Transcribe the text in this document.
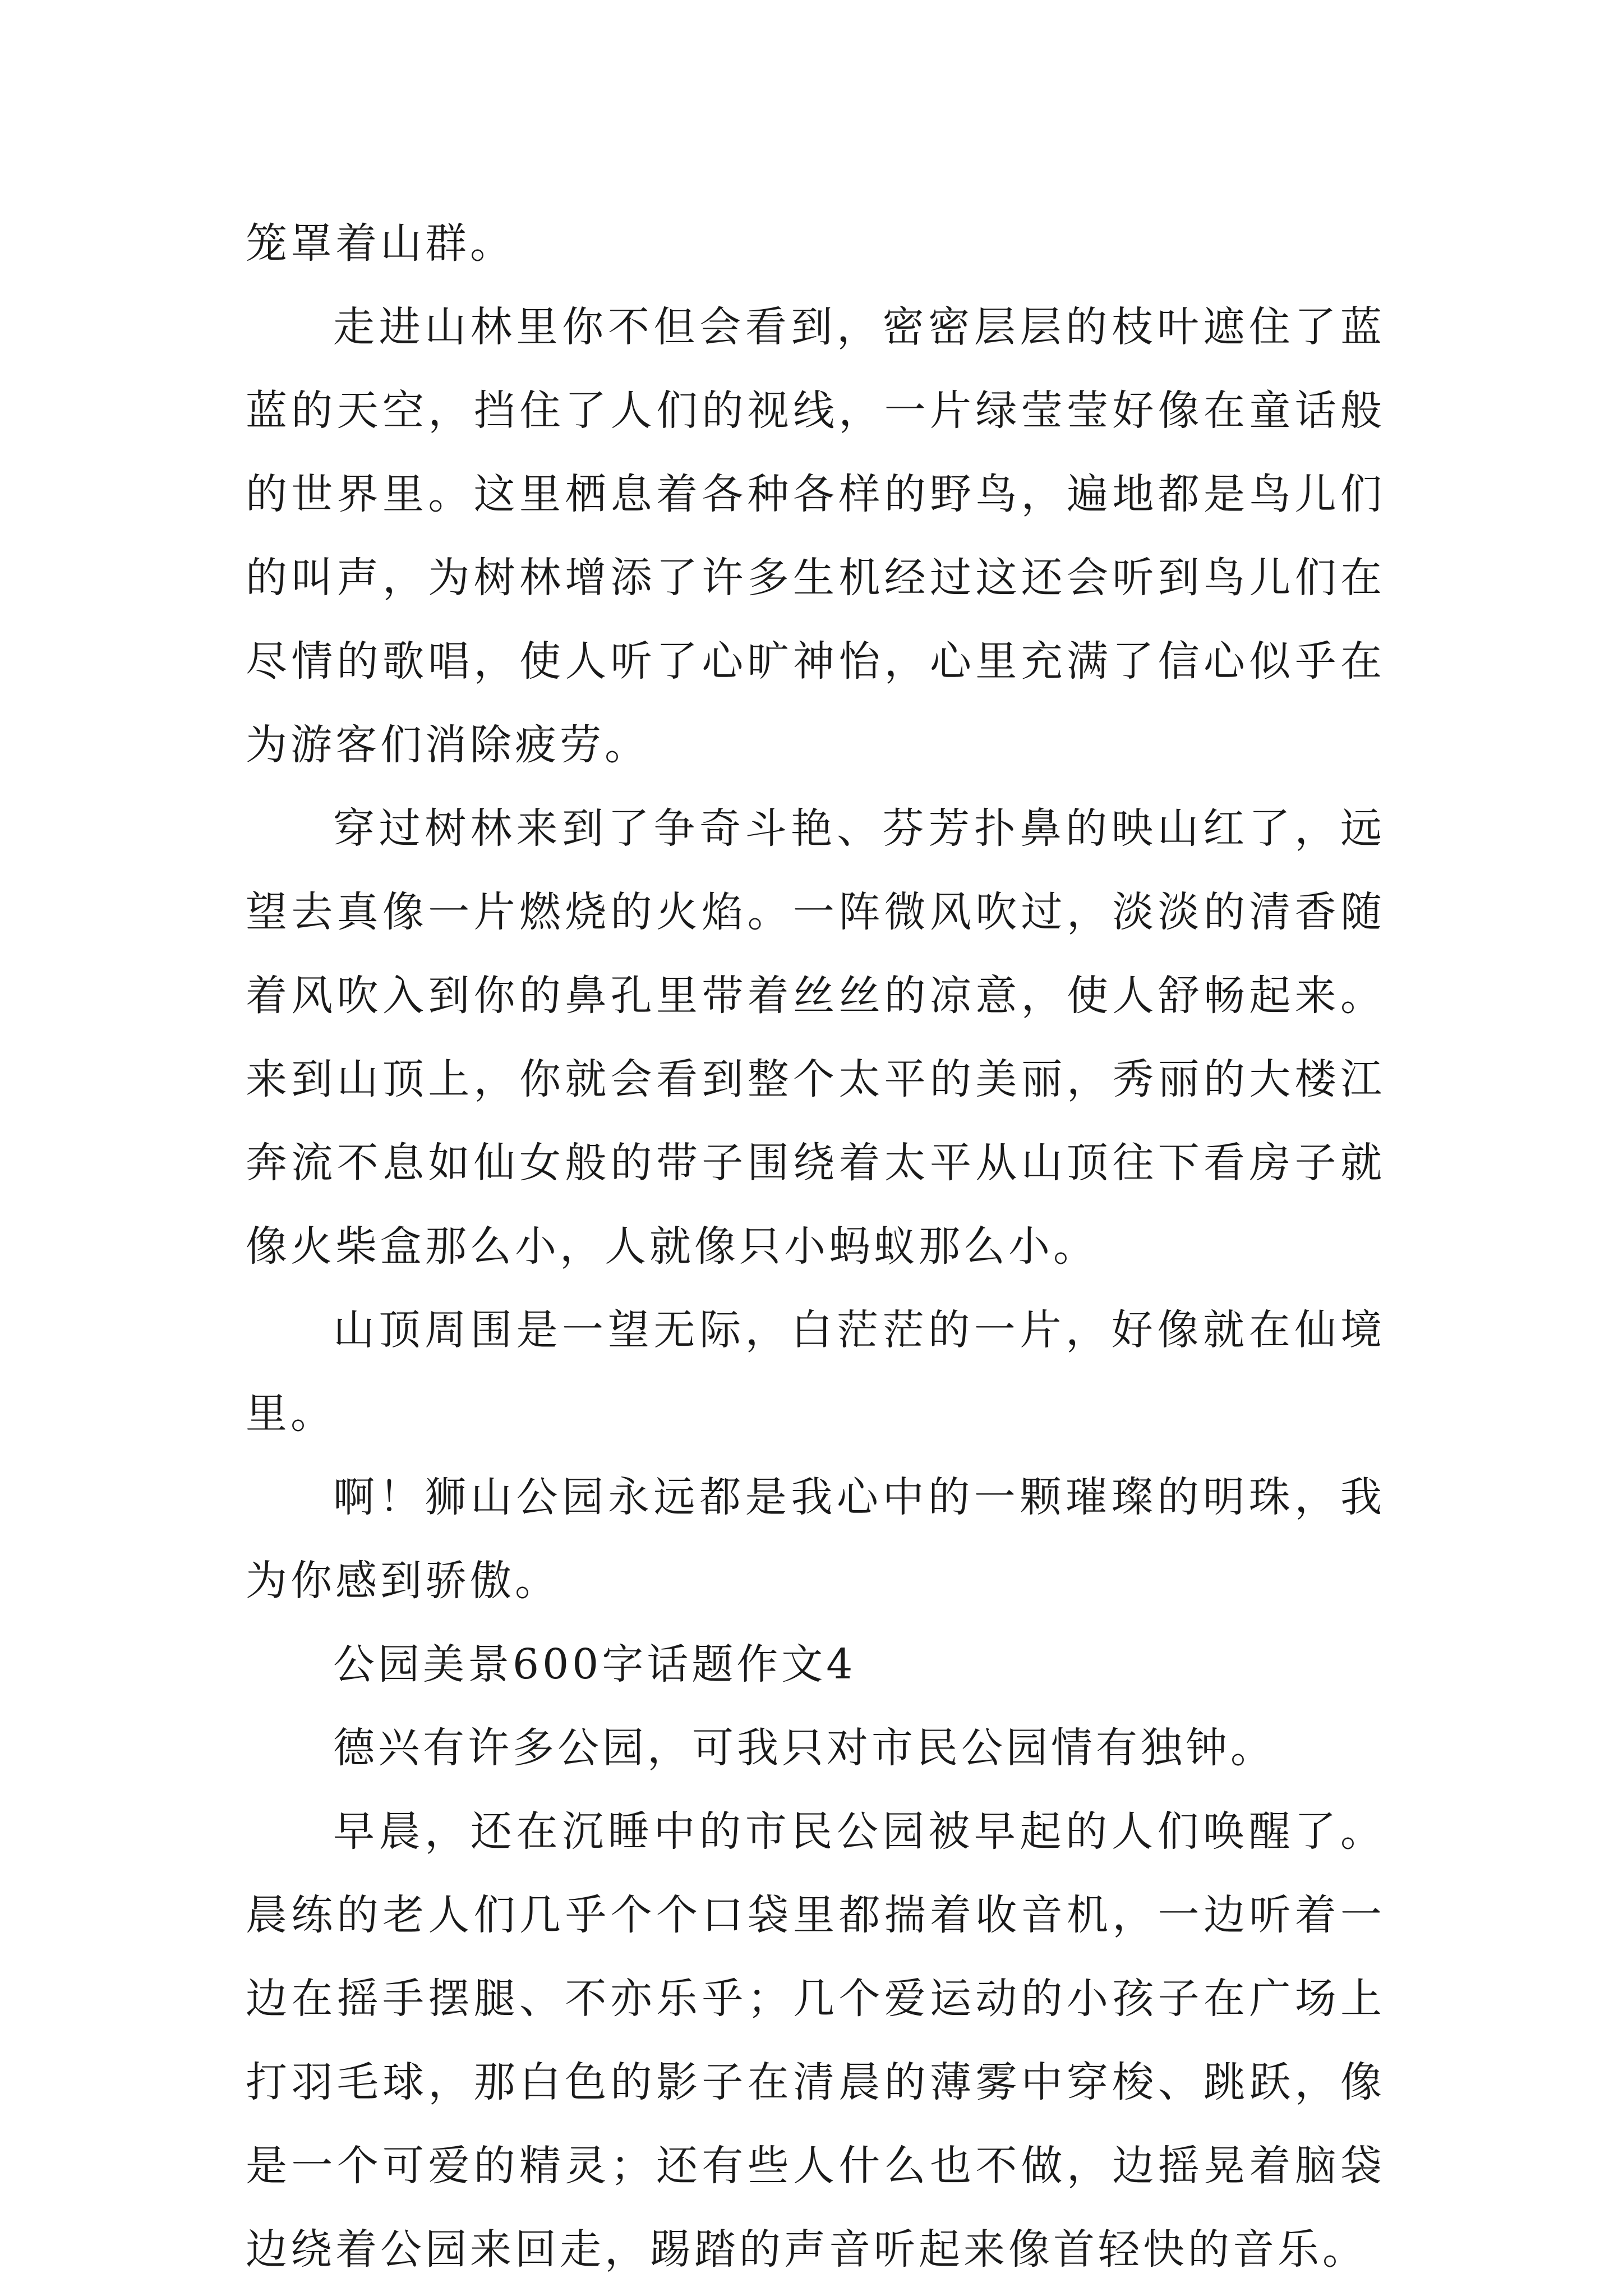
笼罩着山群。

走进山林里你不但会看到，密密层层的枝叶遮住了蓝蓝的天空，挡住了人们的视线，一片绿莹莹好像在童话般的世界里。这里栖息着各种各样的野鸟，遍地都是鸟儿们的叫声，为树林增添了许多生机经过这还会听到鸟儿们在尽情的歌唱，使人听了心旷神怡，心里充满了信心似乎在为游客们消除疲劳。

穿过树林来到了争奇斗艳、芬芳扑鼻的映山红了，远望去真像一片燃烧的火焰。一阵微风吹过，淡淡的清香随着风吹入到你的鼻孔里带着丝丝的凉意，使人舒畅起来。来到山顶上，你就会看到整个太平的美丽，秀丽的大楼江奔流不息如仙女般的带子围绕着太平从山顶往下看房子就像火柴盒那么小，人就像只小蚂蚁那么小。

山顶周围是一望无际，白茫茫的一片，好像就在仙境里。

啊！狮山公园永远都是我心中的一颗璀璨的明珠，我为你感到骄傲。

公园美景600字话题作文4

德兴有许多公园，可我只对市民公园情有独钟。

早晨，还在沉睡中的市民公园被早起的人们唤醒了。晨练的老人们几乎个个口袋里都揣着收音机，一边听着一边在摇手摆腿、不亦乐乎；几个爱运动的小孩子在广场上打羽毛球，那白色的影子在清晨的薄雾中穿梭、跳跃，像是一个可爱的精灵；还有些人什么也不做，边摇晃着脑袋边绕着公园来回走，踢踏的声音听起来像首轻快的音乐。
